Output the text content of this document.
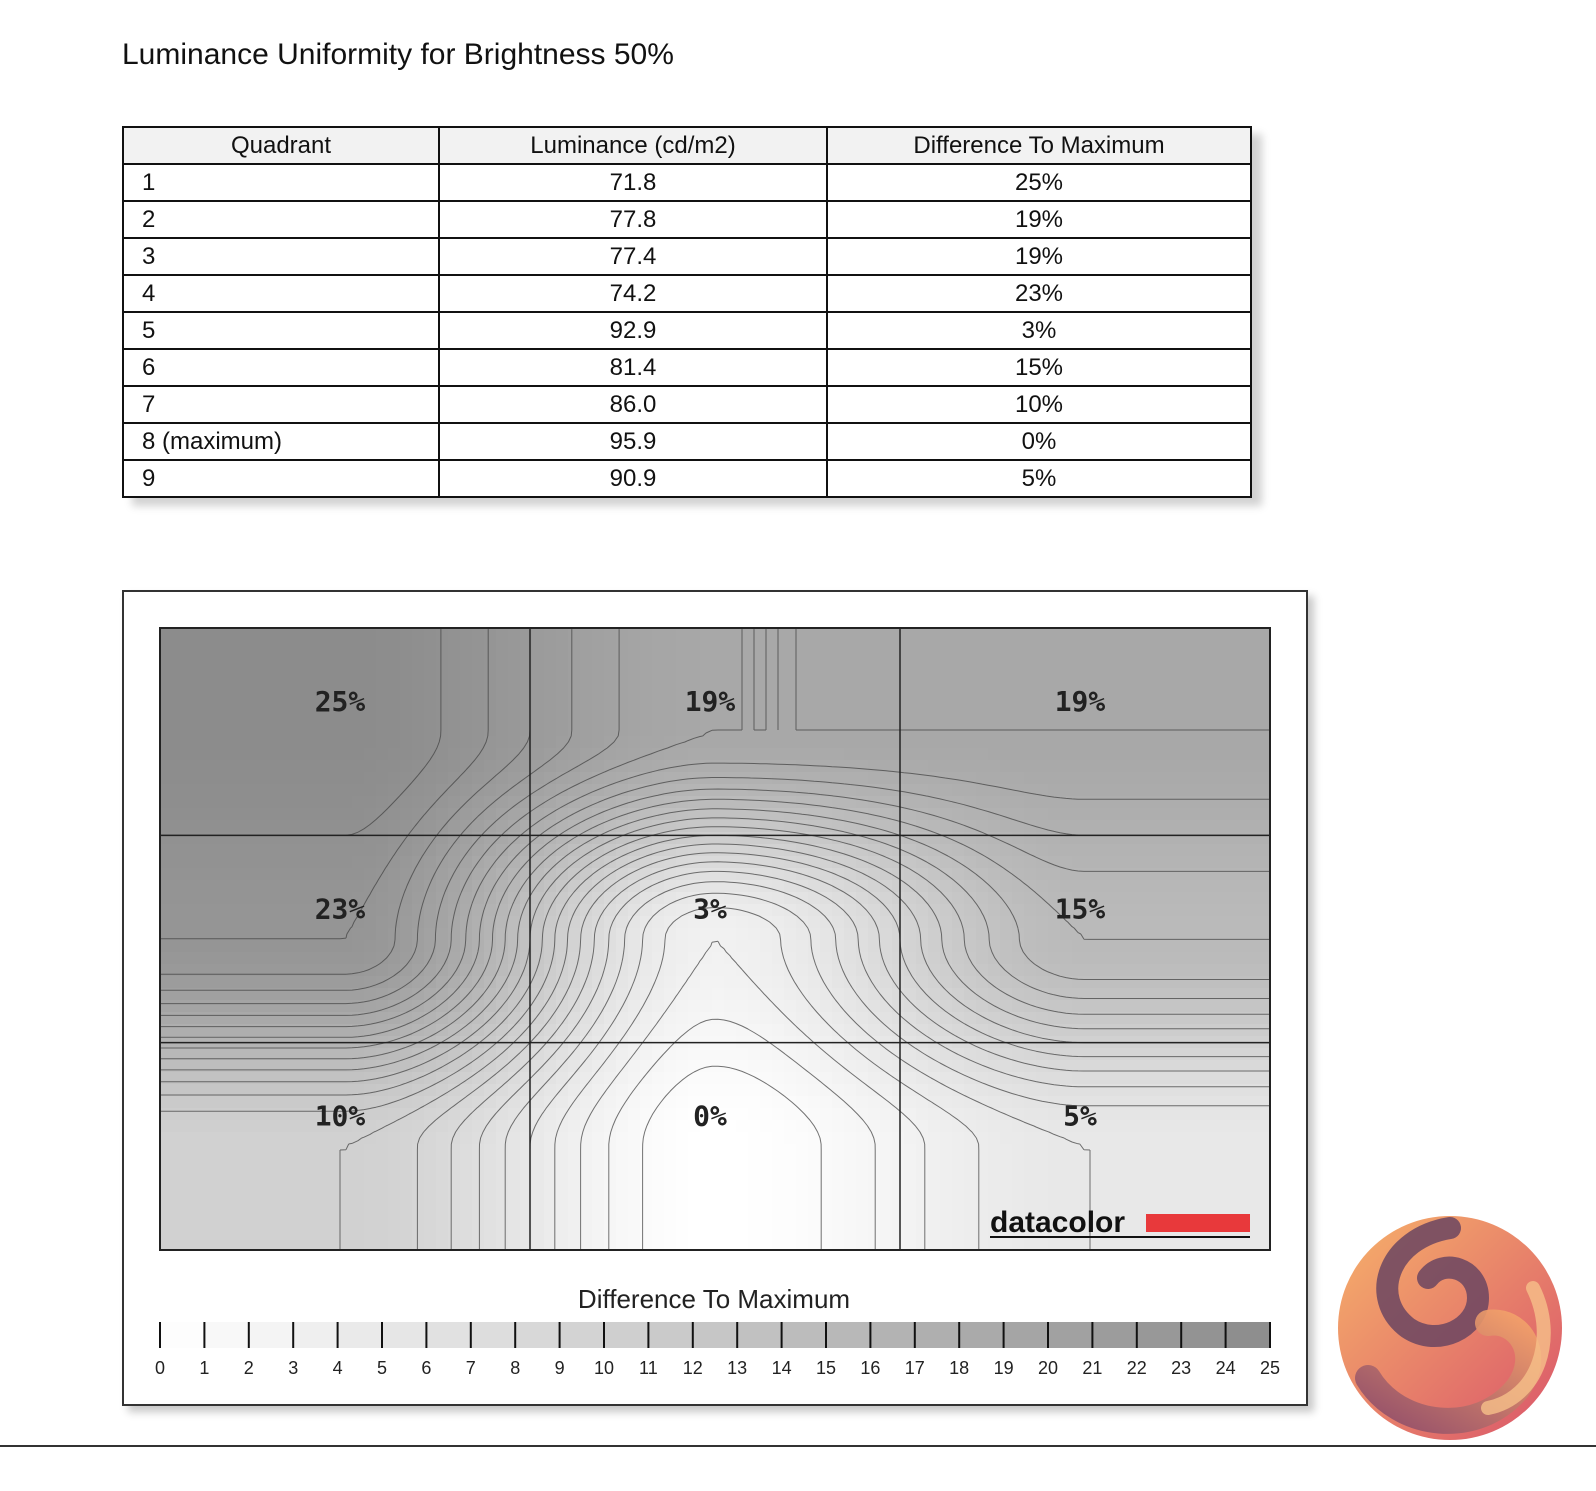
Luminance Uniformity for Brightness 50%
Quadrant	Luminance (cd/m2)	Difference To Maximum
1	71.8	25%
2	77.8	19%
3	77.4	19%
4	74.2	23%
5	92.9	3%
6	81.4	15%
7	86.0	10%
8 (maximum)	95.9	0%
9	90.9	5%
25%	19%	19%
23%	3%	15%
10%	0%	5%
datacolor
Difference To Maximum
0 1 2 3 4 5 6 7 8 9 10 11 12 13 14 15 16 17 18 19 20 21 22 23 24 25
